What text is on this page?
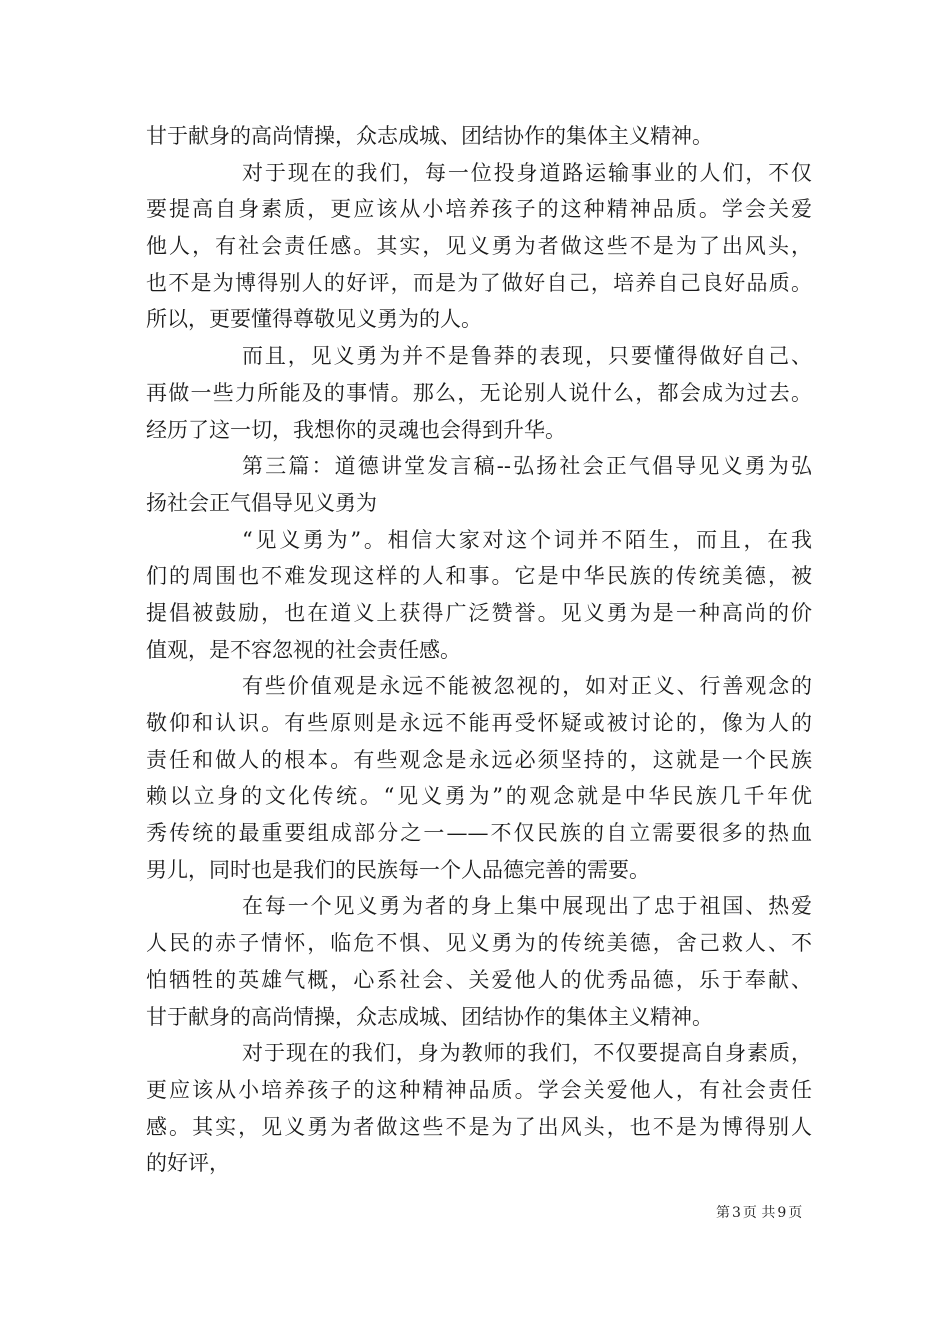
甘于献身的高尚情操，众志成城、团结协作的集体主义精神。
对于现在的我们，每一位投身道路运输事业的人们，不仅
要提高自身素质，更应该从小培养孩子的这种精神品质。学会关爱
他人，有社会责任感。其实，见义勇为者做这些不是为了出风头，
也不是为博得别人的好评，而是为了做好自己，培养自己良好品质。
所以，更要懂得尊敬见义勇为的人。
而且，见义勇为并不是鲁莽的表现，只要懂得做好自己、
再做一些力所能及的事情。那么，无论别人说什么，都会成为过去。
经历了这一切，我想你的灵魂也会得到升华。
第三篇：道德讲堂发言稿--弘扬社会正气倡导见义勇为弘
扬社会正气倡导见义勇为
“见义勇为”。相信大家对这个词并不陌生，而且，在我
们的周围也不难发现这样的人和事。它是中华民族的传统美德，被
提倡被鼓励，也在道义上获得广泛赞誉。见义勇为是一种高尚的价
值观，是不容忽视的社会责任感。
有些价值观是永远不能被忽视的，如对正义、行善观念的
敬仰和认识。有些原则是永远不能再受怀疑或被讨论的，像为人的
责任和做人的根本。有些观念是永远必须坚持的，这就是一个民族
赖以立身的文化传统。“见义勇为”的观念就是中华民族几千年优
秀传统的最重要组成部分之一——不仅民族的自立需要很多的热血
男儿，同时也是我们的民族每一个人品德完善的需要。
在每一个见义勇为者的身上集中展现出了忠于祖国、热爱
人民的赤子情怀，临危不惧、见义勇为的传统美德，舍己救人、不
怕牺牲的英雄气概，心系社会、关爱他人的优秀品德，乐于奉献、
甘于献身的高尚情操，众志成城、团结协作的集体主义精神。
对于现在的我们，身为教师的我们，不仅要提高自身素质，
更应该从小培养孩子的这种精神品质。学会关爱他人，有社会责任
感。其实，见义勇为者做这些不是为了出风头，也不是为博得别人
的好评，
第 3 页 共 9 页
